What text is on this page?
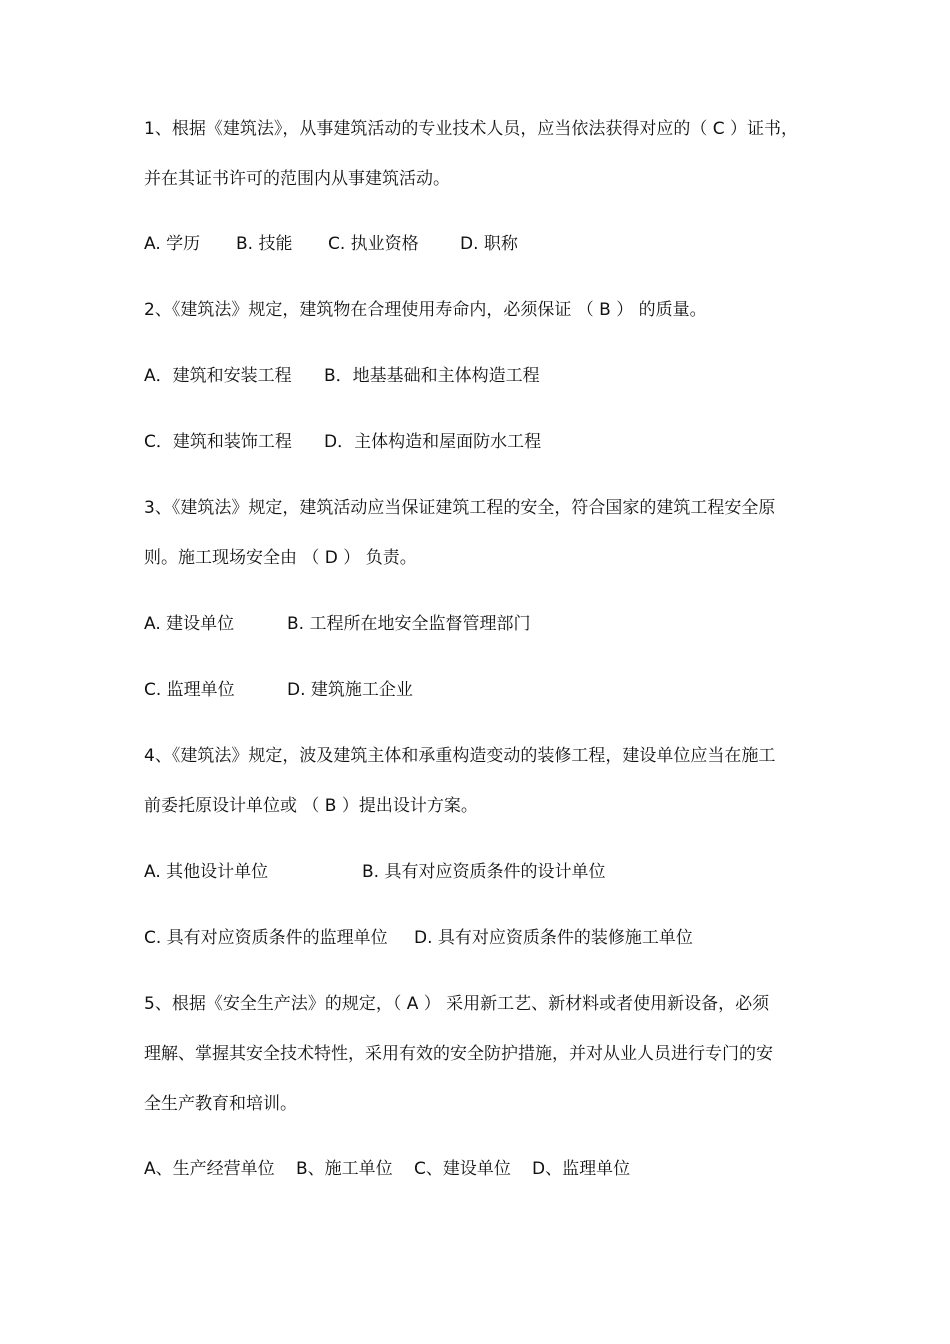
1、根据《建筑法》，从事建筑活动的专业技术人员，应当依法获得对应的（ C ）证书，
并在其证书许可的范围内从事建筑活动。
A. 学历 B. 技能 C. 执业资格 D. 职称
2、《建筑法》规定，建筑物在合理使用寿命内，必须保证 （ B ） 的质量。
A．建筑和安装工程 B．地基基础和主体构造工程
C．建筑和装饰工程 D．主体构造和屋面防水工程
3、《建筑法》规定，建筑活动应当保证建筑工程的安全，符合国家的建筑工程安全原
则。施工现场安全由 （ D ） 负责。
A. 建设单位	B. 工程所在地安全监督管理部门
C. 监理单位	D. 建筑施工企业
4、《建筑法》规定，波及建筑主体和承重构造变动的装修工程，建设单位应当在施工
前委托原设计单位或 （ B ）提出设计方案。
A. 其他设计单位	B. 具有对应资质条件的设计单位
C. 具有对应资质条件的监理单位 D. 具有对应资质条件的装修施工单位
5、根据《安全生产法》的规定，（ A ） 采用新工艺、新材料或者使用新设备，必须
理解、掌握其安全技术特性，采用有效的安全防护措施，并对从业人员进行专门的安
全生产教育和培训。
A、生产经营单位 B、施工单位 C、建设单位 D、监理单位
